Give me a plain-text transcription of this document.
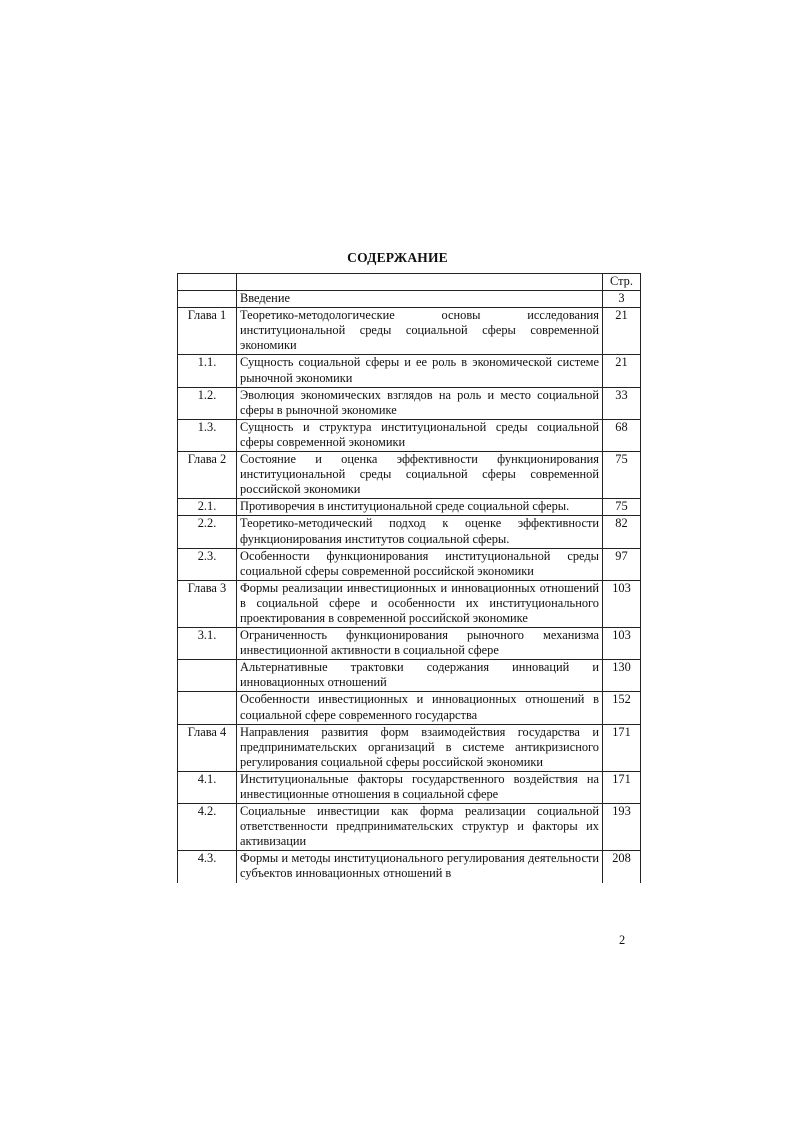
СОДЕРЖАНИЕ
		Стр.
	Введение	3
Глава 1	Теоретико-методологические основы исследования институциональной среды социальной сферы современной экономики	21
1.1.	Сущность социальной сферы и ее роль в экономической системе рыночной экономики	21
1.2.	Эволюция экономических взглядов на роль и место социальной сферы в рыночной экономике	33
1.3.	Сущность и структура институциональной среды социальной сферы современной экономики	68
Глава 2	Состояние и оценка эффективности функционирования институциональной среды социальной сферы современной российской экономики	75
2.1.	Противоречия в институциональной среде социальной сферы.	75
2.2.	Теоретико-методический подход к оценке эффективности функционирования институтов социальной сферы.	82
2.3.	Особенности функционирования институциональной среды социальной сферы современной российской экономики	97
Глава 3	Формы реализации инвестиционных и инновационных отношений в социальной сфере и особенности их институционального проектирования в современной российской экономике	103
3.1.	Ограниченность функционирования рыночного механизма инвестиционной активности в социальной сфере	103
	Альтернативные трактовки содержания инноваций и инновационных отношений	130
	Особенности инвестиционных и инновационных отношений в социальной сфере современного государства	152
Глава 4	Направления развития форм взаимодействия государства и предпринимательских организаций в системе антикризисного регулирования социальной сферы российской экономики	171
4.1.	Институциональные факторы государственного воздействия на инвестиционные отношения в социальной сфере	171
4.2.	Социальные инвестиции как форма реализации социальной ответственности предпринимательских структур и факторы их активизации	193
4.3.	Формы и методы институционального регулирования деятельности субъектов инновационных отношений в	208
2
